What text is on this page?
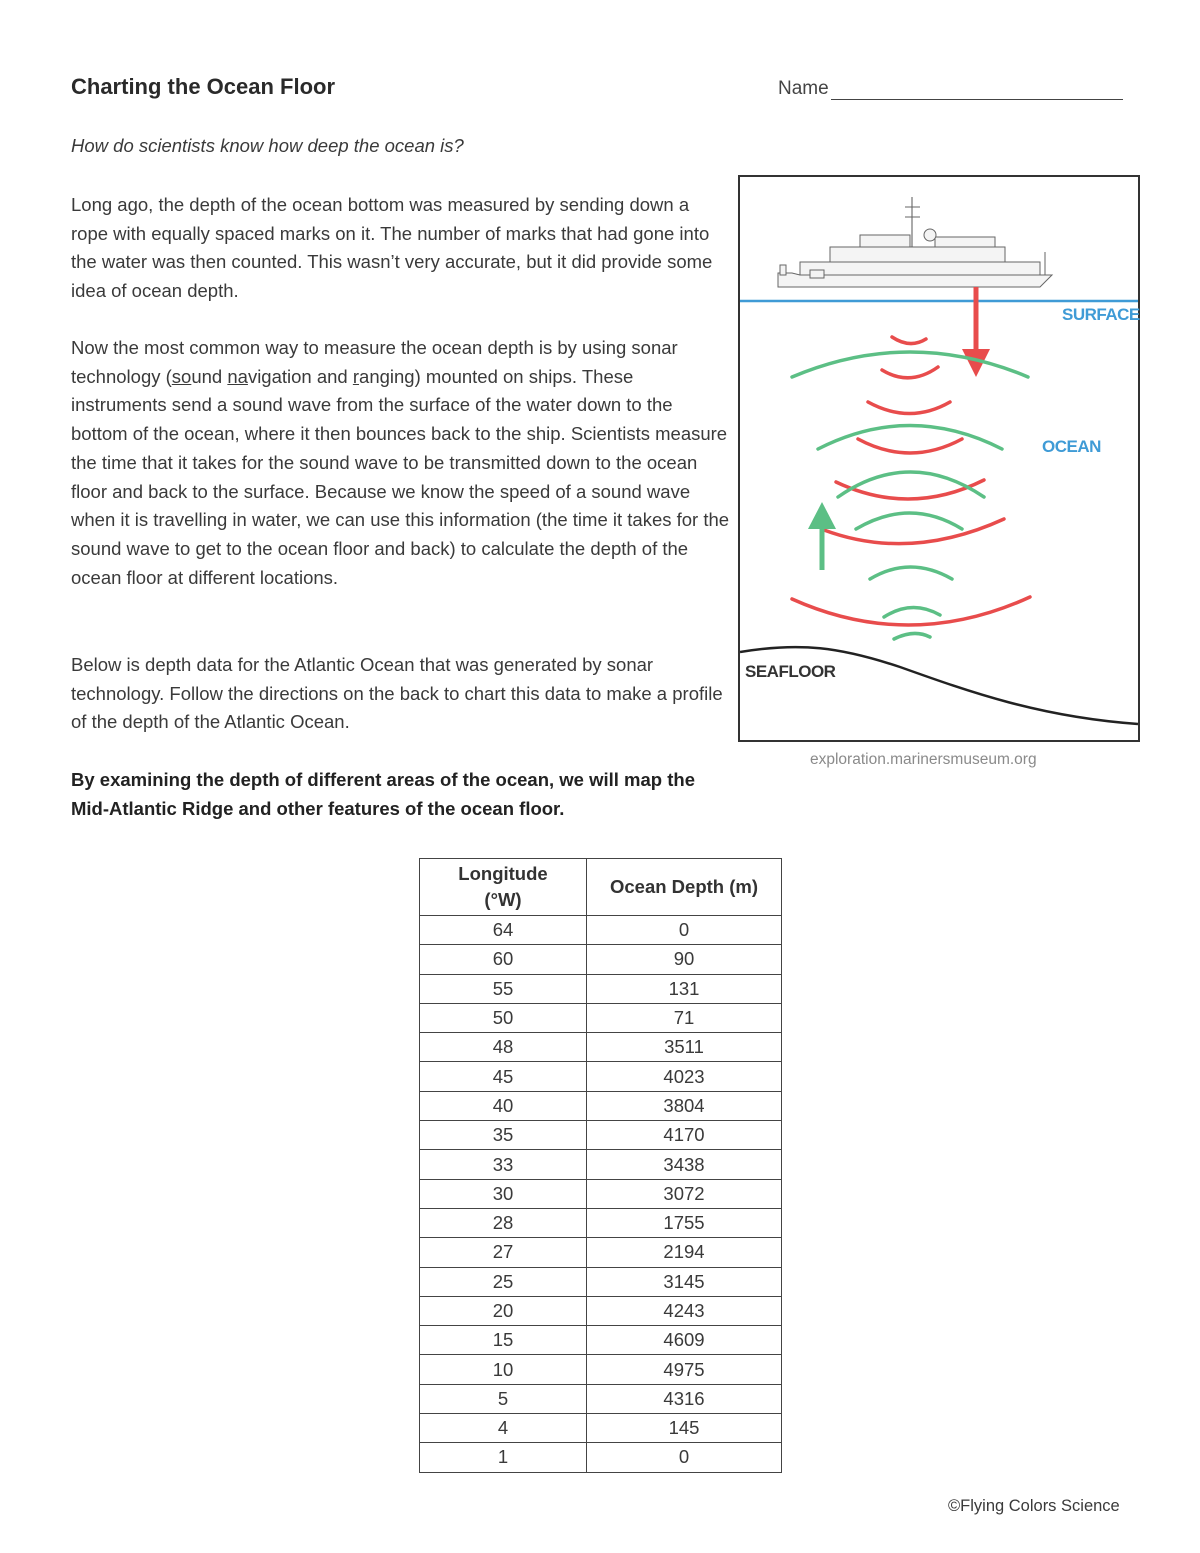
Charting the Ocean Floor	Name
How do scientists know how deep the ocean is?

Long ago, the depth of the ocean bottom was measured by sending down a rope with equally spaced marks on it. The number of marks that had gone into the water was then counted. This wasn’t very accurate, but it did provide some idea of ocean depth.

Now the most common way to measure the ocean depth is by using sonar technology (sound navigation and ranging) mounted on ships. These instruments send a sound wave from the surface of the water down to the bottom of the ocean, where it then bounces back to the ship. Scientists measure the time that it takes for the sound wave to be transmitted down to the ocean floor and back to the surface. Because we know the speed of a sound wave when it is travelling in water, we can use this information (the time it takes for the sound wave to get to the ocean floor and back) to calculate the depth of the ocean floor at different locations.

Below is depth data for the Atlantic Ocean that was generated by sonar technology. Follow the directions on the back to chart this data to make a profile of the depth of the Atlantic Ocean.

By examining the depth of different areas of the ocean, we will map the Mid-Atlantic Ridge and other features of the ocean floor.

SURFACE
OCEAN
SEAFLOOR
exploration.marinersmuseum.org
Longitude
(°W)	Ocean Depth (m)
64	0
60	90
55	131
50	71
48	3511
45	4023
40	3804
35	4170
33	3438
30	3072
28	1755
27	2194
25	3145
20	4243
15	4609
10	4975
5	4316
4	145
1	0
©Flying Colors Science
